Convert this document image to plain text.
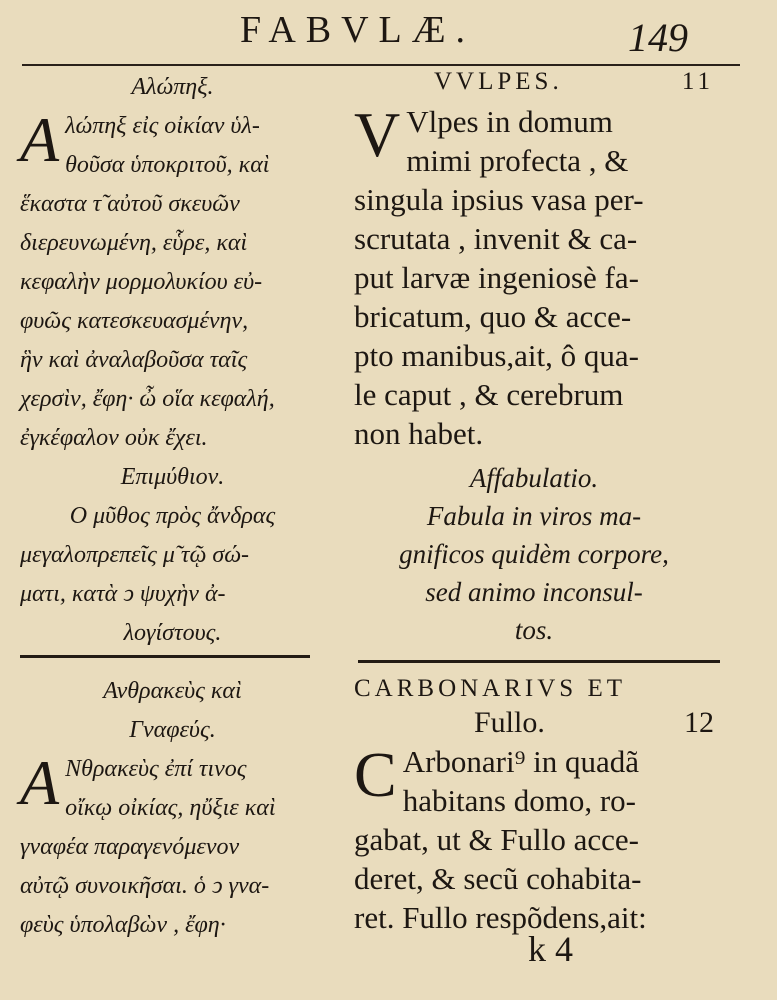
FABVLÆ.	149
Αλώπηξ.
A λώπηξ εἰς οἰκίαν ὑλ-
θοῦσα ὑποκριτοῦ, καὶ
ἕκαστα τ̃ αὐτοῦ σκευῶν
διερευνωμένη, εὗρε, καὶ
κεφαλὴν μορμολυκίου εὐ-
φυῶς κατεσκευασμένην,
ἣν καὶ ἀναλαβοῦσα ταῖς
χερσὶν, ἔφη· ὦ οἵα κεφαλή,
ἐγκέφαλον οὐκ ἔχει.
Επιμύθιον.
Ο μῦθος πρὸς ἄνδρας
μεγαλοπρεπεῖς μ̃ τῷ σώ-
ματι, κατὰ ͻ ψυχὴν ἀ-
λογίστους.
VVLPES.	11
V Vlpes in domum
mimi profecta , &
singula ipsius vasa per-
scrutata , invenit & ca-
put larvæ ingeniosè fa-
bricatum, quo & acce-
pto manibus,ait, ô qua-
le caput , & cerebrum
non habet.
Affabulatio.
Fabula in viros ma-
gnificos quidèm corpore,
sed animo inconsul-
tos.
Ανθρακεὺς καὶ
Γναφεύς.
A Νθρακεὺς ἐπί τινος
οἴκῳ οἰκίας, ηὔξιε καὶ
γναφέα παραγενόμενον
αὐτῷ συνοικῆσαι. ὁ ͻ γνα-
φεὺς ὑπολαβὼν , ἔφη·
CARBONARIVS ET
Fullo.	12
C Arbonari⁹ in quadã
habitans domo, ro-
gabat, ut & Fullo acce-
deret, & secũ cohabita-
ret. Fullo respõdens,ait:
k 4
